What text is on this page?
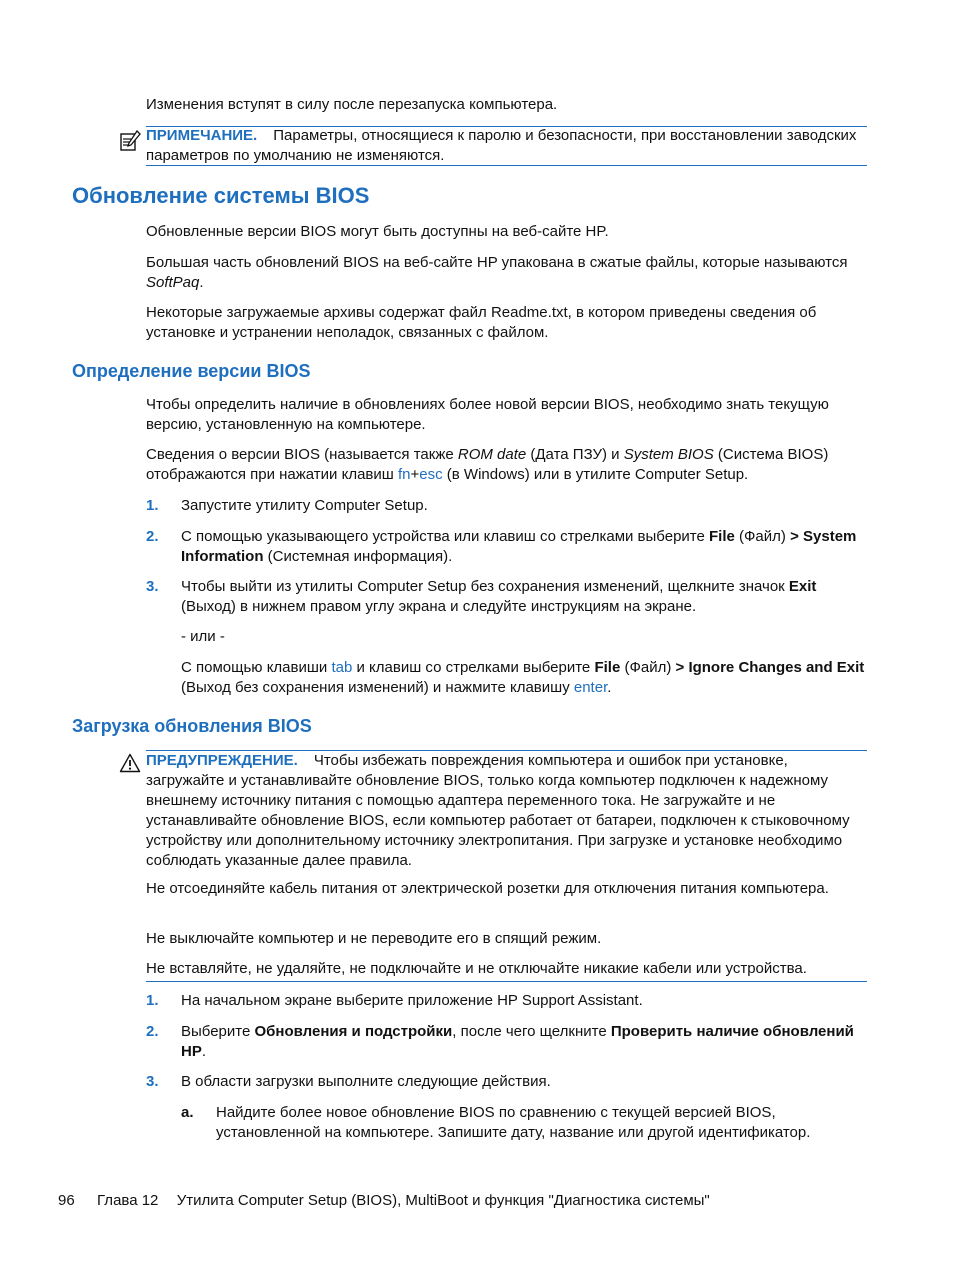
Изменения вступят в силу после перезапуска компьютера.
ПРИМЕЧАНИЕ. Параметры, относящиеся к паролю и безопасности, при восстановлении заводских параметров по умолчанию не изменяются.
Обновление системы BIOS
Обновленные версии BIOS могут быть доступны на веб-сайте HP.
Большая часть обновлений BIOS на веб-сайте HP упакована в сжатые файлы, которые называются SoftPaq.
Некоторые загружаемые архивы содержат файл Readme.txt, в котором приведены сведения об установке и устранении неполадок, связанных с файлом.
Определение версии BIOS
Чтобы определить наличие в обновлениях более новой версии BIOS, необходимо знать текущую версию, установленную на компьютере.
Сведения о версии BIOS (называется также ROM date (Дата ПЗУ) и System BIOS (Система BIOS) отображаются при нажатии клавиш fn+esc (в Windows) или в утилите Computer Setup.
1. Запустите утилиту Computer Setup.
2. С помощью указывающего устройства или клавиш со стрелками выберите File (Файл) > System Information (Системная информация).
3. Чтобы выйти из утилиты Computer Setup без сохранения изменений, щелкните значок Exit (Выход) в нижнем правом углу экрана и следуйте инструкциям на экране.
- или -
С помощью клавиши tab и клавиш со стрелками выберите File (Файл) > Ignore Changes and Exit (Выход без сохранения изменений) и нажмите клавишу enter.
Загрузка обновления BIOS
ПРЕДУПРЕЖДЕНИЕ. Чтобы избежать повреждения компьютера и ошибок при установке, загружайте и устанавливайте обновление BIOS, только когда компьютер подключен к надежному внешнему источнику питания с помощью адаптера переменного тока. Не загружайте и не устанавливайте обновление BIOS, если компьютер работает от батареи, подключен к стыковочному устройству или дополнительному источнику электропитания. При загрузке и установке необходимо соблюдать указанные далее правила.
Не отсоединяйте кабель питания от электрической розетки для отключения питания компьютера.
Не выключайте компьютер и не переводите его в спящий режим.
Не вставляйте, не удаляйте, не подключайте и не отключайте никакие кабели или устройства.
1. На начальном экране выберите приложение HP Support Assistant.
2. Выберите Обновления и подстройки, после чего щелкните Проверить наличие обновлений HP.
3. В области загрузки выполните следующие действия.
а. Найдите более новое обновление BIOS по сравнению с текущей версией BIOS, установленной на компьютере. Запишите дату, название или другой идентификатор.
96 Глава 12 Утилита Computer Setup (BIOS), MultiBoot и функция "Диагностика системы"
